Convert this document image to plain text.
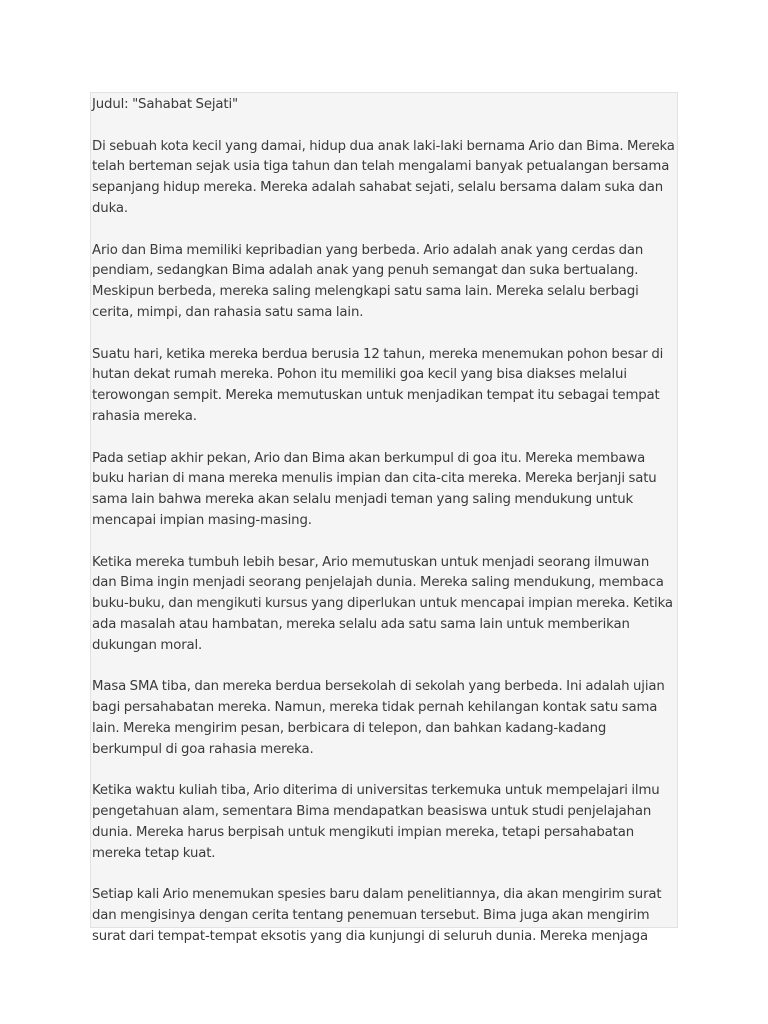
Judul: "Sahabat Sejati"

Di sebuah kota kecil yang damai, hidup dua anak laki-laki bernama Ario dan Bima. Mereka telah berteman sejak usia tiga tahun dan telah mengalami banyak petualangan bersama sepanjang hidup mereka. Mereka adalah sahabat sejati, selalu bersama dalam suka dan duka.

Ario dan Bima memiliki kepribadian yang berbeda. Ario adalah anak yang cerdas dan pendiam, sedangkan Bima adalah anak yang penuh semangat dan suka bertualang. Meskipun berbeda, mereka saling melengkapi satu sama lain. Mereka selalu berbagi cerita, mimpi, dan rahasia satu sama lain.

Suatu hari, ketika mereka berdua berusia 12 tahun, mereka menemukan pohon besar di hutan dekat rumah mereka. Pohon itu memiliki goa kecil yang bisa diakses melalui terowongan sempit. Mereka memutuskan untuk menjadikan tempat itu sebagai tempat rahasia mereka.

Pada setiap akhir pekan, Ario dan Bima akan berkumpul di goa itu. Mereka membawa buku harian di mana mereka menulis impian dan cita-cita mereka. Mereka berjanji satu sama lain bahwa mereka akan selalu menjadi teman yang saling mendukung untuk mencapai impian masing-masing.

Ketika mereka tumbuh lebih besar, Ario memutuskan untuk menjadi seorang ilmuwan dan Bima ingin menjadi seorang penjelajah dunia. Mereka saling mendukung, membaca buku-buku, dan mengikuti kursus yang diperlukan untuk mencapai impian mereka. Ketika ada masalah atau hambatan, mereka selalu ada satu sama lain untuk memberikan dukungan moral.

Masa SMA tiba, dan mereka berdua bersekolah di sekolah yang berbeda. Ini adalah ujian bagi persahabatan mereka. Namun, mereka tidak pernah kehilangan kontak satu sama lain. Mereka mengirim pesan, berbicara di telepon, dan bahkan kadang-kadang berkumpul di goa rahasia mereka.

Ketika waktu kuliah tiba, Ario diterima di universitas terkemuka untuk mempelajari ilmu pengetahuan alam, sementara Bima mendapatkan beasiswa untuk studi penjelajahan dunia. Mereka harus berpisah untuk mengikuti impian mereka, tetapi persahabatan mereka tetap kuat.

Setiap kali Ario menemukan spesies baru dalam penelitiannya, dia akan mengirim surat dan mengisinya dengan cerita tentang penemuan tersebut. Bima juga akan mengirim surat dari tempat-tempat eksotis yang dia kunjungi di seluruh dunia. Mereka menjaga
